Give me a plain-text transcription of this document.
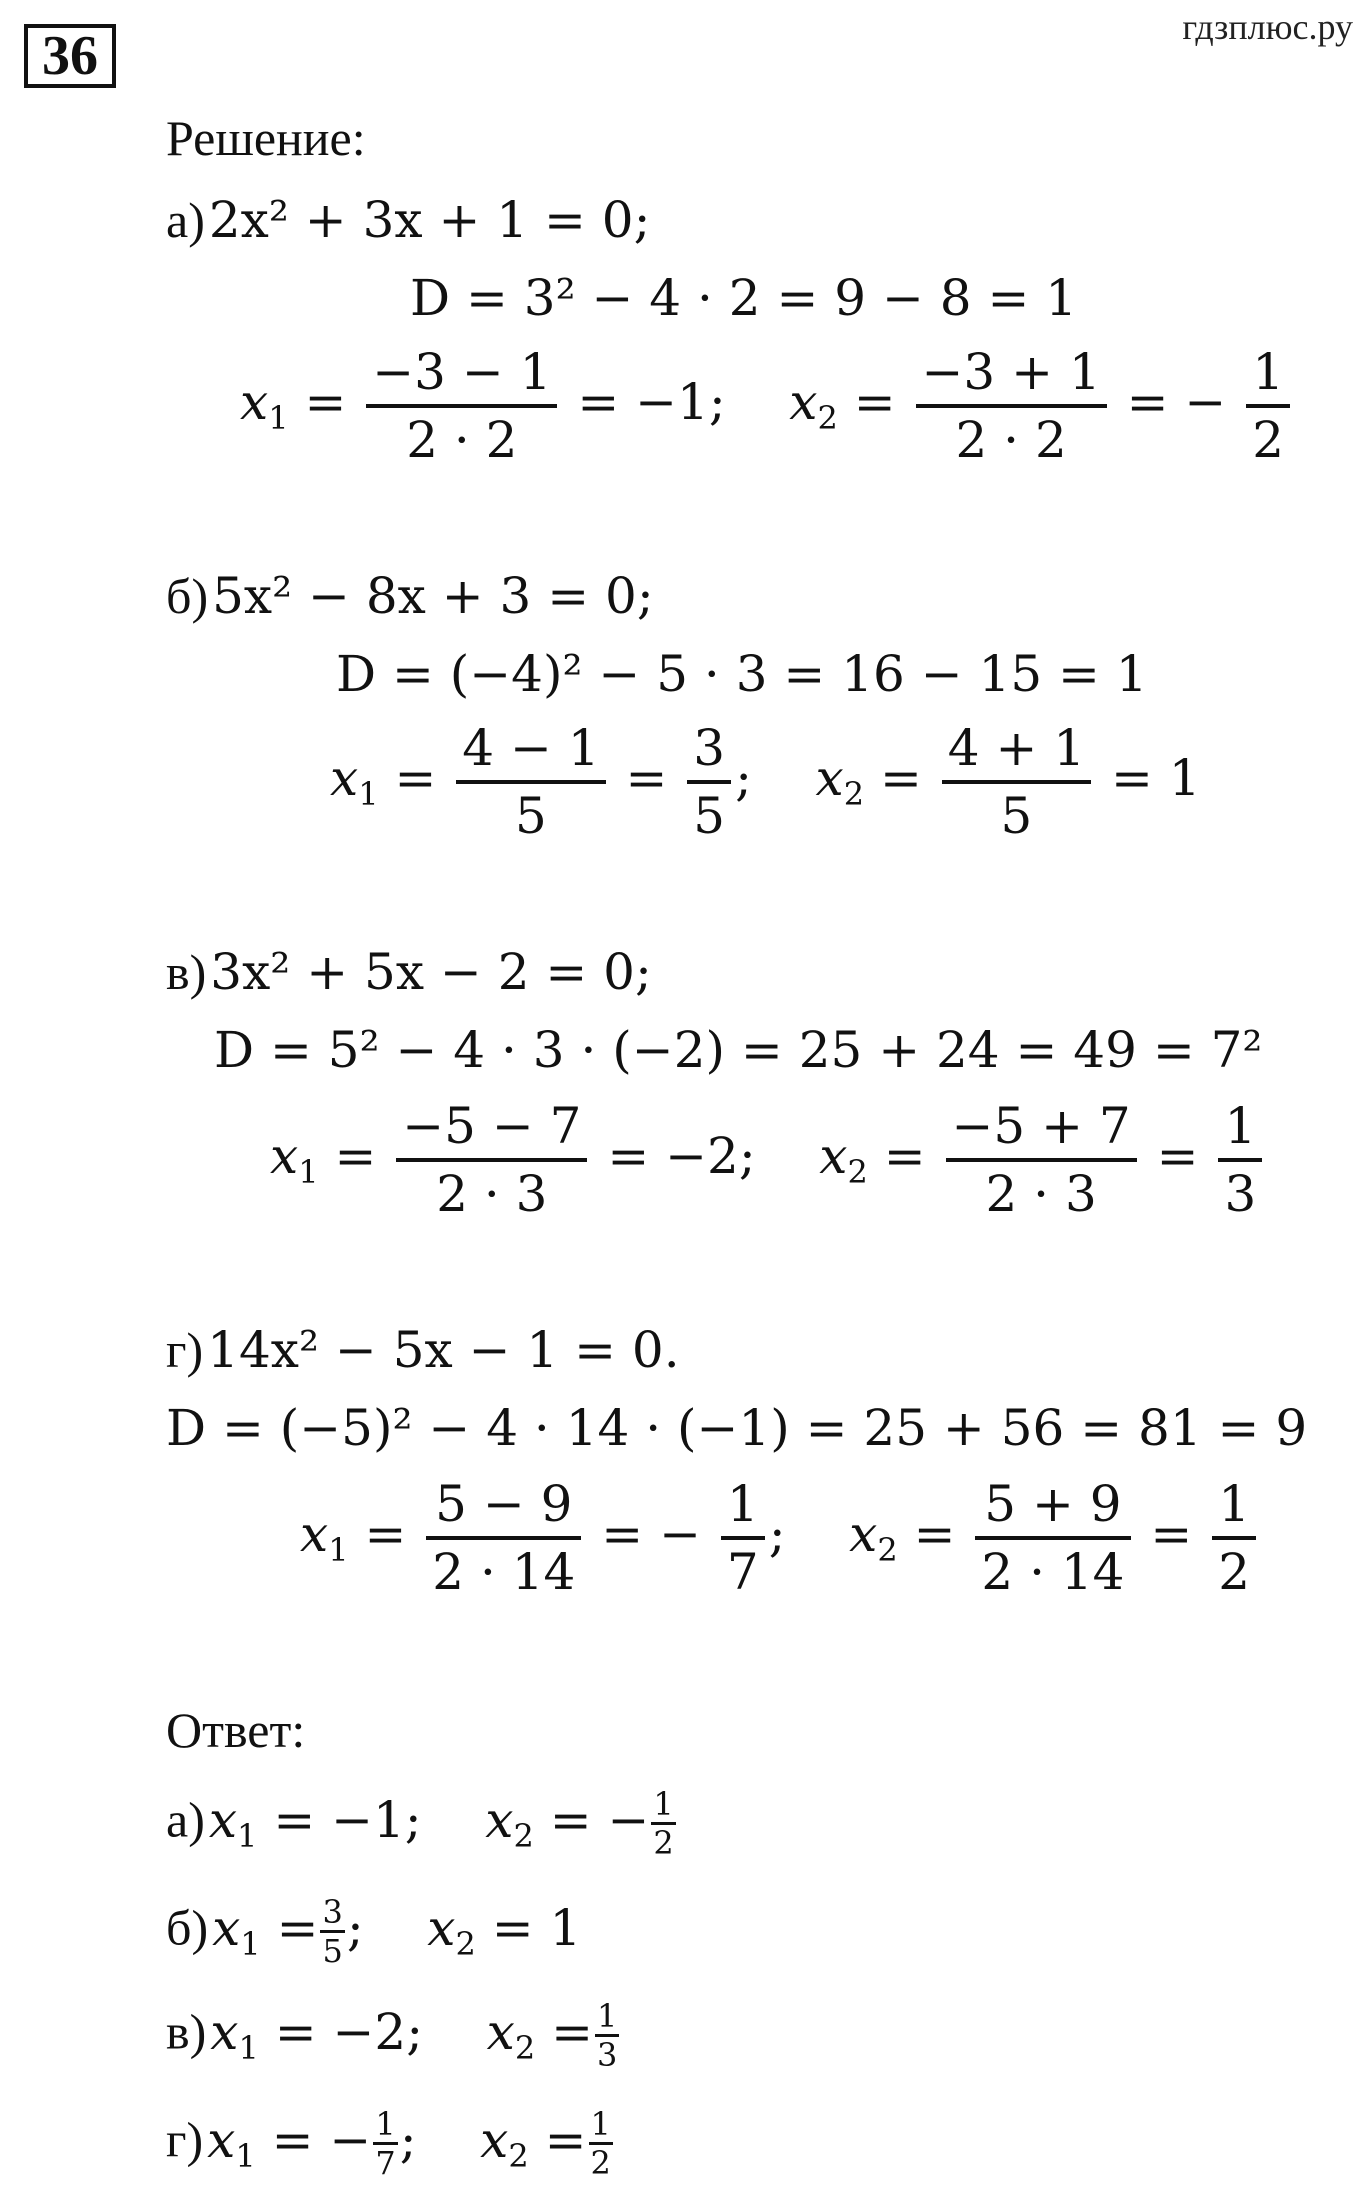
36	гдзплюс.ру
Решение:
а) 2x² + 3x + 1 = 0;
D = 3² − 4 · 2 = 9 − 8 = 1
$x_1 = \frac{-3 - 1}{2 \cdot 2} = -1$; $x_2 = \frac{-3 + 1}{2 \cdot 2}$ = − $\frac{1}{2}$
б) 5x² − 8x + 3 = 0;
D = (−4)² − 5 · 3 = 16 − 15 = 1
$x_1 = \frac{4 - 1}{5} = \frac{3}{5}$ ; $x_2 = \frac{4 + 1}{5} = 1$
в) 3x² + 5x − 2 = 0;
D = 5² − 4 · 3 · (−2) = 25 + 24 = 49 = 7²
$x_1 = \frac{-5 - 7}{2 \cdot 3} = -2$; $x_2 = \frac{-5 + 7}{2 \cdot 3} = \frac{1}{3}$
г) 14x² − 5x − 1 = 0.
D = (−5)² − 4 · 14 · (−1) = 25 + 56 = 81 = 9
$x_1 = \frac{5 - 9}{2 \cdot 14}$ = − $\frac{1}{7}$ ; $x_2 = \frac{5 + 9}{2 \cdot 14} = \frac{1}{2}$
Ответ:
а) $x_1 = -1$; $x_2$ = − $\frac{1}{2}$
б) $x_1 = \frac{3}{5}$ ; $x_2 = 1$
в) $x_1 = -2$; $x_2 = \frac{1}{3}$
г) $x_1$ = − $\frac{1}{7}$ ; $x_2 = \frac{1}{2}$
